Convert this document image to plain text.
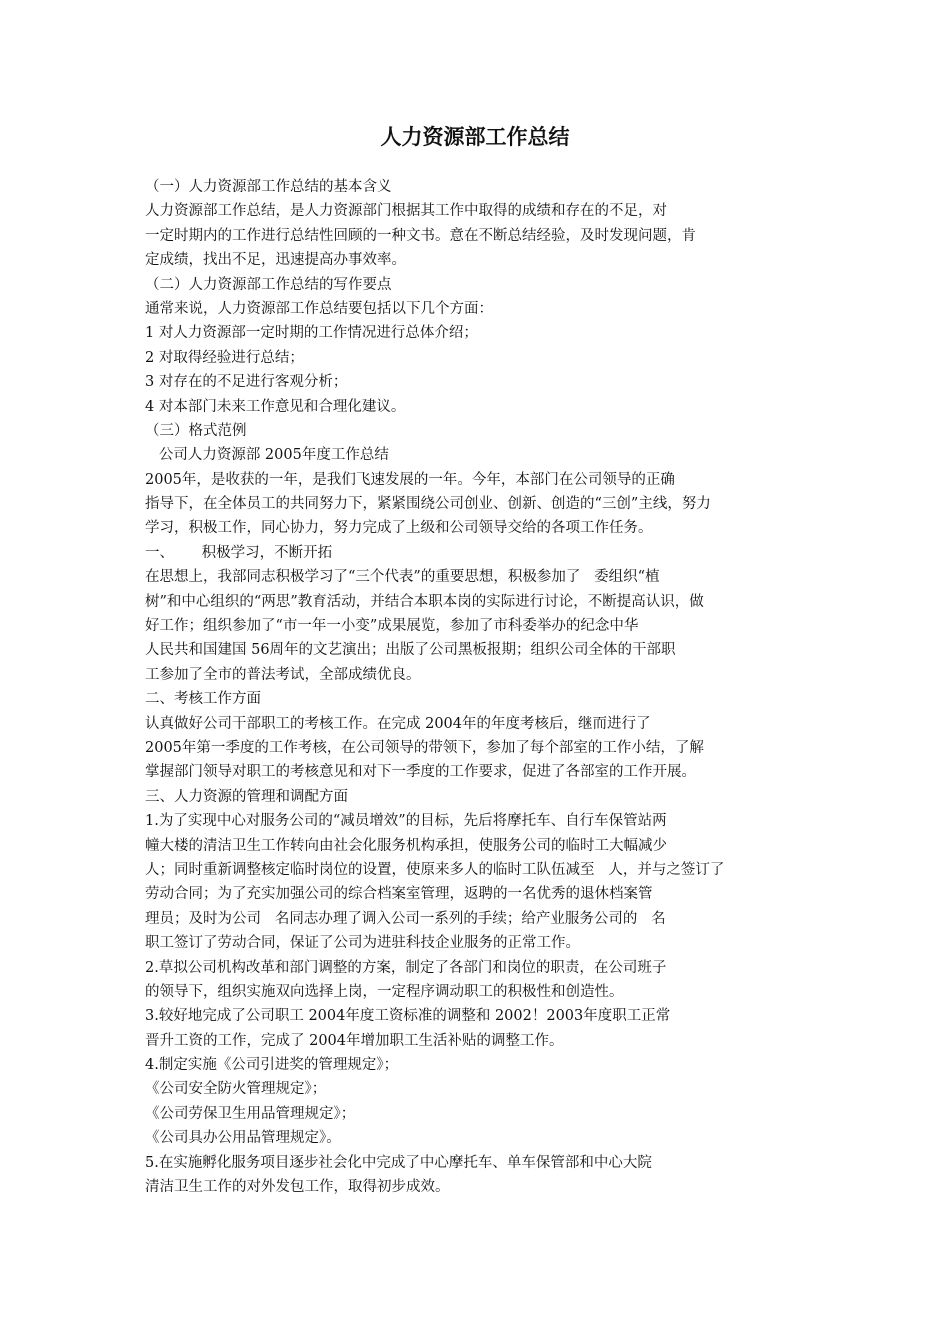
人力资源部工作总结

（一）人力资源部工作总结的基本含义

人力资源部工作总结，是人力资源部门根据其工作中取得的成绩和存在的不足，对

一定时期内的工作进行总结性回顾的一种文书。意在不断总结经验，及时发现问题，肯

定成绩，找出不足，迅速提高办事效率。

（二）人力资源部工作总结的写作要点

通常来说，人力资源部工作总结要包括以下几个方面：

1 对人力资源部一定时期的工作情况进行总体介绍；

2 对取得经验进行总结；

3 对存在的不足进行客观分析；

4 对本部门未来工作意见和合理化建议。

（三）格式范例

公司人力资源部 2005年度工作总结

2005年，是收获的一年，是我们飞速发展的一年。今年，本部门在公司领导的正确

指导下，在全体员工的共同努力下，紧紧围绕公司创业、创新、创造的“三创”主线，努力

学习，积极工作，同心协力，努力完成了上级和公司领导交给的各项工作任务。

一、      积极学习，不断开拓

在思想上，我部同志积极学习了“三个代表”的重要思想，积极参加了   委组织“植

树”和中心组织的“两思”教育活动，并结合本职本岗的实际进行讨论，不断提高认识，做

好工作；组织参加了“市一年一小变”成果展览，参加了市科委举办的纪念中华

人民共和国建国 56周年的文艺演出；出版了公司黑板报期；组织公司全体的干部职

工参加了全市的普法考试，全部成绩优良。

二、考核工作方面

认真做好公司干部职工的考核工作。在完成 2004年的年度考核后，继而进行了

2005年第一季度的工作考核，在公司领导的带领下，参加了每个部室的工作小结，了解

掌握部门领导对职工的考核意见和对下一季度的工作要求，促进了各部室的工作开展。

三、人力资源的管理和调配方面

1.为了实现中心对服务公司的“减员增效”的目标，先后将摩托车、自行车保管站两

幢大楼的清洁卫生工作转向由社会化服务机构承担，使服务公司的临时工大幅减少

人；同时重新调整核定临时岗位的设置，使原来多人的临时工队伍减至   人，并与之签订了

劳动合同；为了充实加强公司的综合档案室管理，返聘的一名优秀的退休档案管

理员；及时为公司   名同志办理了调入公司一系列的手续；给产业服务公司的   名

职工签订了劳动合同，保证了公司为进驻科技企业服务的正常工作。

2.草拟公司机构改革和部门调整的方案，制定了各部门和岗位的职责，在公司班子

的领导下，组织实施双向选择上岗，一定程序调动职工的积极性和创造性。

3.较好地完成了公司职工 2004年度工资标准的调整和 2002！2003年度职工正常

晋升工资的工作，完成了 2004年增加职工生活补贴的调整工作。

4.制定实施《公司引进奖的管理规定》；

《公司安全防火管理规定》；

《公司劳保卫生用品管理规定》；

《公司具办公用品管理规定》。

5.在实施孵化服务项目逐步社会化中完成了中心摩托车、单车保管部和中心大院

清洁卫生工作的对外发包工作，取得初步成效。
